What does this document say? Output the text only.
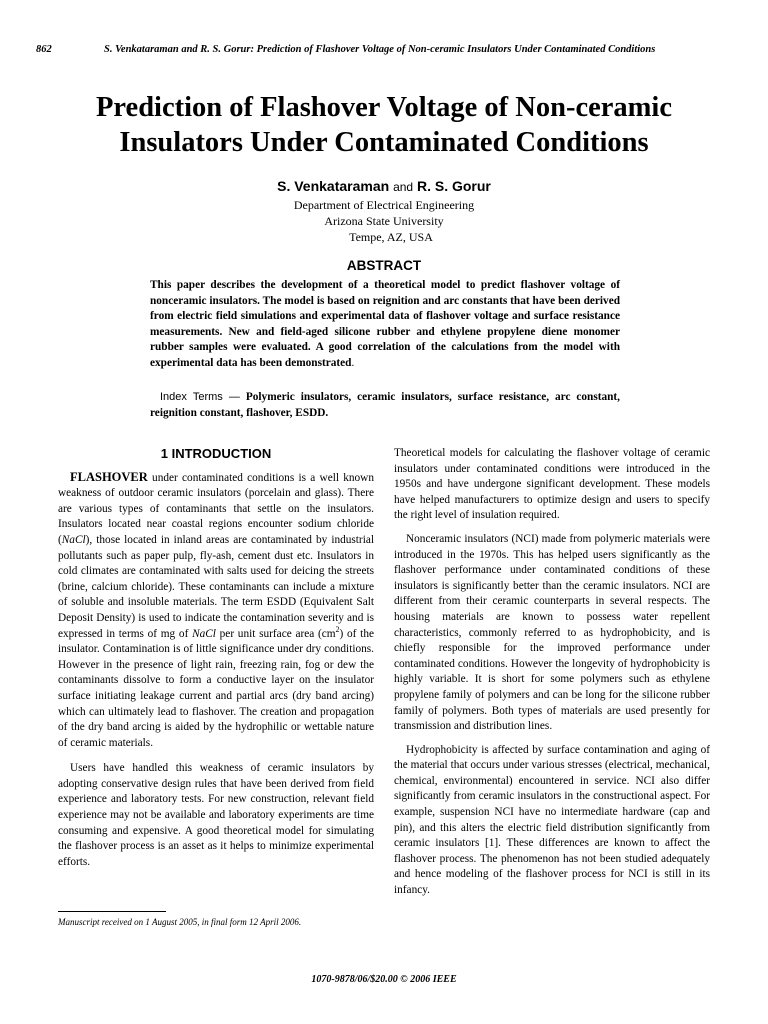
862	S. Venkataraman and R. S. Gorur: Prediction of Flashover Voltage of Non-ceramic Insulators Under Contaminated Conditions
Prediction of Flashover Voltage of Non-ceramic
Insulators Under Contaminated Conditions
S. Venkataraman and R. S. Gorur
Department of Electrical Engineering
Arizona State University
Tempe, AZ, USA
ABSTRACT
This paper describes the development of a theoretical model to predict flashover voltage of nonceramic insulators. The model is based on reignition and arc constants that have been derived from electric field simulations and experimental data of flashover voltage and surface resistance measurements. New and field-aged silicone rubber and ethylene propylene diene monomer rubber samples were evaluated. A good correlation of the calculations from the model with experimental data has been demonstrated.
Index Terms — Polymeric insulators, ceramic insulators, surface resistance, arc constant, reignition constant, flashover, ESDD.
1 INTRODUCTION

FLASHOVER under contaminated conditions is a well known weakness of outdoor ceramic insulators (porcelain and glass). There are various types of contaminants that settle on the insulators. Insulators located near coastal regions encounter sodium chloride (NaCl), those located in inland areas are contaminated by industrial pollutants such as paper pulp, fly-ash, cement dust etc. Insulators in cold climates are contaminated with salts used for deicing the streets (brine, calcium chloride). These contaminants can include a mixture of soluble and insoluble materials. The term ESDD (Equivalent Salt Deposit Density) is used to indicate the contamination severity and is expressed in terms of mg of NaCl per unit surface area $(cm^2)$ of the insulator. Contamination is of little significance under dry conditions. However in the presence of light rain, freezing rain, fog or dew the contaminants dissolve to form a conductive layer on the insulator surface initiating leakage current and partial arcs (dry band arcing) which can ultimately lead to flashover. The creation and propagation of the dry band arcing is aided by the hydrophilic or wettable nature of ceramic materials.

Users have handled this weakness of ceramic insulators by adopting conservative design rules that have been derived from field experience and laboratory tests. For new construction, relevant field experience may not be available and laboratory experiments are time consuming and expensive. A good theoretical model for simulating the flashover process is an asset as it helps to minimize experimental efforts.

Theoretical models for calculating the flashover voltage of ceramic insulators under contaminated conditions were introduced in the 1950s and have undergone significant development. These models have helped manufacturers to optimize design and users to specify the right level of insulation required.

Nonceramic insulators (NCI) made from polymeric materials were introduced in the 1970s. This has helped users significantly as the flashover performance under contaminated conditions of these insulators is significantly better than the ceramic insulators. NCI are different from their ceramic counterparts in several respects. The housing materials are known to possess water repellent characteristics, commonly referred to as hydrophobicity, and is chiefly responsible for the improved performance under contaminated conditions. However the longevity of hydrophobicity is highly variable. It is short for some polymers such as ethylene propylene family of polymers and can be long for the silicone rubber family of polymers. Both types of materials are used presently for transmission and distribution lines.

Hydrophobicity is affected by surface contamination and aging of the material that occurs under various stresses (electrical, mechanical, chemical, environmental) encountered in service. NCI also differ significantly from ceramic insulators in the constructional aspect. For example, suspension NCI have no intermediate hardware (cap and pin), and this alters the electric field distribution significantly from ceramic insulators [1]. These differences are known to affect the flashover process. The phenomenon has not been studied adequately and hence modeling of the flashover process for NCI is still in its infancy.

Manuscript received on 1 August 2005, in final form 12 April 2006.
1070-9878/06/$20.00 © 2006 IEEE
